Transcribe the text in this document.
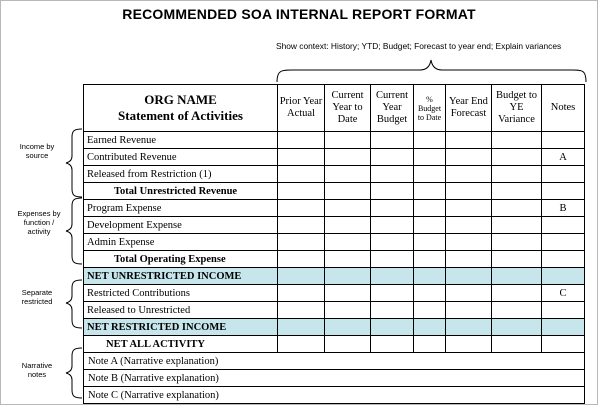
RECOMMENDED SOA INTERNAL REPORT FORMAT
Show context: History; YTD; Budget; Forecast to year end; Explain variances
Income by source
Expenses by function / activity
Separate restricted
Narrative notes
ORG NAME
Statement of Activities	Prior Year Actual	Current Year to Date	Current Year Budget	% Budget to Date	Year End Forecast	Budget to YE Variance	Notes
Earned Revenue							
Contributed Revenue							A
Released from Restriction (1)							
Total Unrestricted Revenue							
Program Expense							B
Development Expense							
Admin Expense							
Total Operating Expense							
NET UNRESTRICTED INCOME							
Restricted Contributions							C
Released to Unrestricted							
NET RESTRICTED INCOME							
NET ALL ACTIVITY							
Note A (Narrative explanation)							
Note B (Narrative explanation)							
Note C (Narrative explanation)							
